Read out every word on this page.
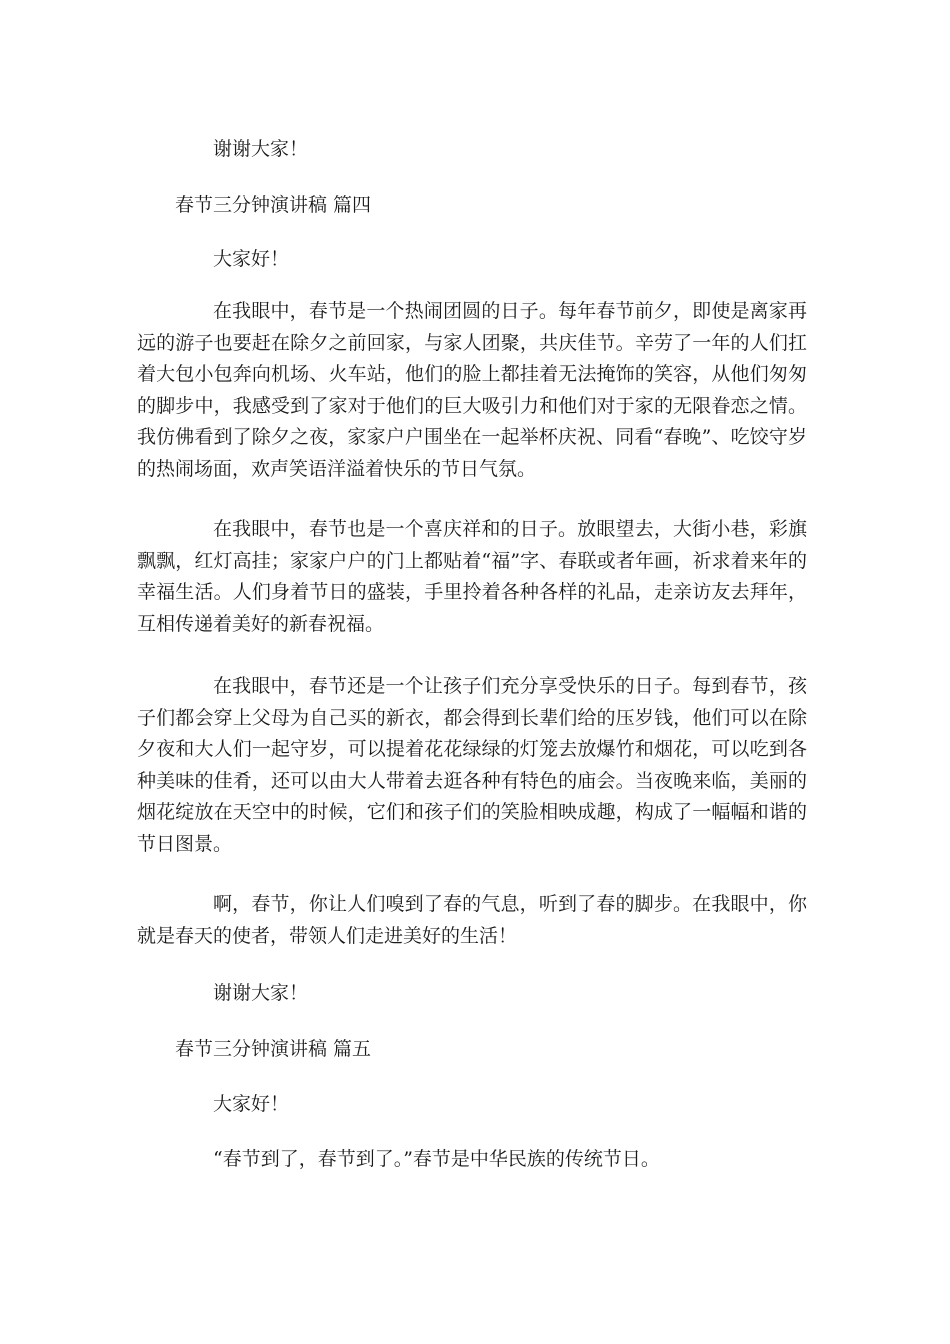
谢谢大家！

春节三分钟演讲稿 篇四

大家好！

在我眼中，春节是一个热闹团圆的日子。每年春节前夕，即使是离家再远的游子也要赶在除夕之前回家，与家人团聚，共庆佳节。辛劳了一年的人们扛着大包小包奔向机场、火车站，他们的脸上都挂着无法掩饰的笑容，从他们匆匆的脚步中，我感受到了家对于他们的巨大吸引力和他们对于家的无限眷恋之情。我仿佛看到了除夕之夜，家家户户围坐在一起举杯庆祝、同看“春晚”、吃饺守岁的热闹场面，欢声笑语洋溢着快乐的节日气氛。

在我眼中，春节也是一个喜庆祥和的日子。放眼望去，大街小巷，彩旗飘飘，红灯高挂；家家户户的门上都贴着“福”字、春联或者年画，祈求着来年的幸福生活。人们身着节日的盛装，手里拎着各种各样的礼品，走亲访友去拜年，互相传递着美好的新春祝福。

在我眼中，春节还是一个让孩子们充分享受快乐的日子。每到春节，孩子们都会穿上父母为自己买的新衣，都会得到长辈们给的压岁钱，他们可以在除夕夜和大人们一起守岁，可以提着花花绿绿的灯笼去放爆竹和烟花，可以吃到各种美味的佳肴，还可以由大人带着去逛各种有特色的庙会。当夜晚来临，美丽的烟花绽放在天空中的时候，它们和孩子们的笑脸相映成趣，构成了一幅幅和谐的节日图景。

啊，春节，你让人们嗅到了春的气息，听到了春的脚步。在我眼中，你就是春天的使者，带领人们走进美好的生活！

谢谢大家！

春节三分钟演讲稿 篇五

大家好！

“春节到了，春节到了。”春节是中华民族的传统节日。
